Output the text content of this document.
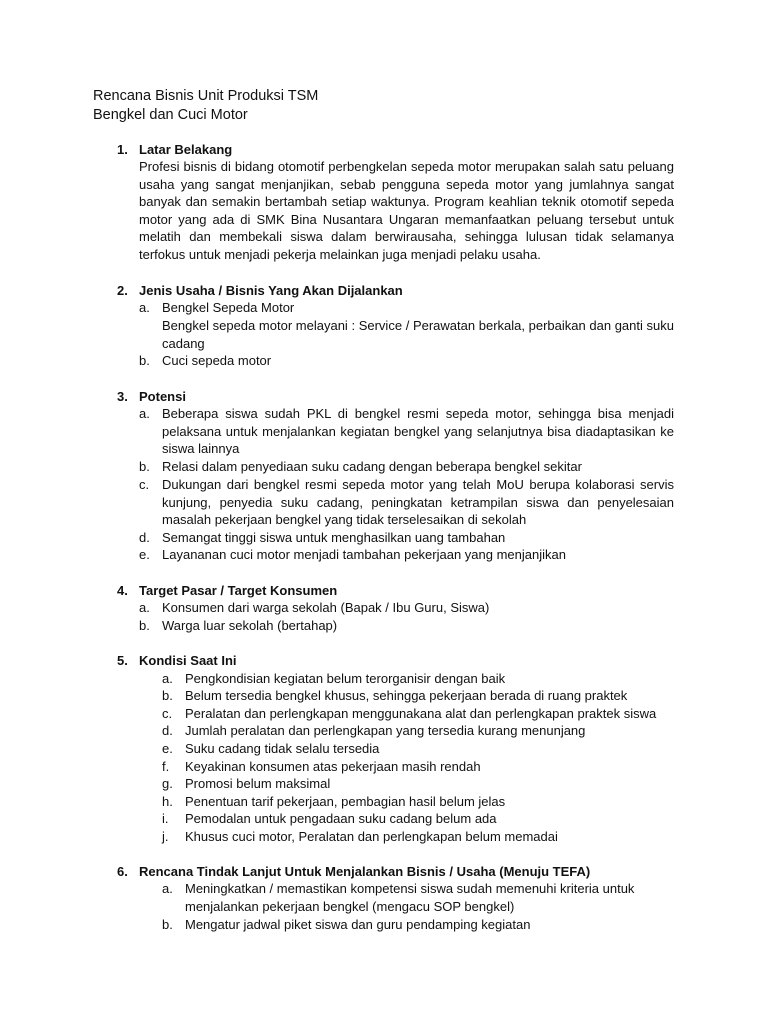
Rencana Bisnis Unit Produksi TSM
Bengkel dan Cuci Motor
1. Latar Belakang
Profesi bisnis di bidang otomotif perbengkelan sepeda motor merupakan salah satu peluang usaha yang sangat menjanjikan, sebab pengguna sepeda motor yang jumlahnya sangat banyak dan semakin bertambah setiap waktunya. Program keahlian teknik otomotif sepeda motor yang ada di SMK Bina Nusantara Ungaran memanfaatkan peluang tersebut untuk melatih dan membekali siswa dalam berwirausaha, sehingga lulusan tidak selamanya terfokus untuk menjadi pekerja melainkan juga menjadi pelaku usaha.
2. Jenis Usaha / Bisnis Yang Akan Dijalankan
a. Bengkel Sepeda Motor
Bengkel sepeda motor melayani : Service / Perawatan berkala, perbaikan dan ganti suku cadang
b. Cuci sepeda motor
3. Potensi
a. Beberapa siswa sudah PKL di bengkel resmi sepeda motor, sehingga bisa menjadi pelaksana untuk menjalankan kegiatan bengkel yang selanjutnya bisa diadaptasikan ke siswa lainnya
b. Relasi dalam penyediaan suku cadang dengan beberapa bengkel sekitar
c. Dukungan dari bengkel resmi sepeda motor yang telah MoU berupa kolaborasi servis kunjung, penyedia suku cadang, peningkatan ketrampilan siswa dan penyelesaian masalah pekerjaan bengkel yang tidak terselesaikan di sekolah
d. Semangat tinggi siswa untuk menghasilkan uang tambahan
e. Layananan cuci motor menjadi tambahan pekerjaan yang menjanjikan
4. Target Pasar / Target Konsumen
a. Konsumen dari warga sekolah (Bapak / Ibu Guru, Siswa)
b. Warga luar sekolah (bertahap)
5. Kondisi Saat Ini
a. Pengkondisian kegiatan belum terorganisir dengan baik
b. Belum tersedia bengkel khusus, sehingga pekerjaan berada di ruang praktek
c. Peralatan dan perlengkapan menggunakana alat dan perlengkapan praktek siswa
d. Jumlah peralatan dan perlengkapan yang tersedia kurang menunjang
e. Suku cadang tidak selalu tersedia
f.	Keyakinan konsumen atas pekerjaan masih rendah
g. Promosi belum maksimal
h. Penentuan tarif pekerjaan, pembagian hasil belum jelas
i.	Pemodalan untuk pengadaan suku cadang belum ada
j.	Khusus cuci motor, Peralatan dan perlengkapan belum memadai
6. Rencana Tindak Lanjut Untuk Menjalankan Bisnis / Usaha (Menuju TEFA)
a. Meningkatkan / memastikan kompetensi siswa sudah memenuhi kriteria untuk menjalankan pekerjaan bengkel (mengacu SOP bengkel)
b. Mengatur jadwal piket siswa dan guru pendamping kegiatan
